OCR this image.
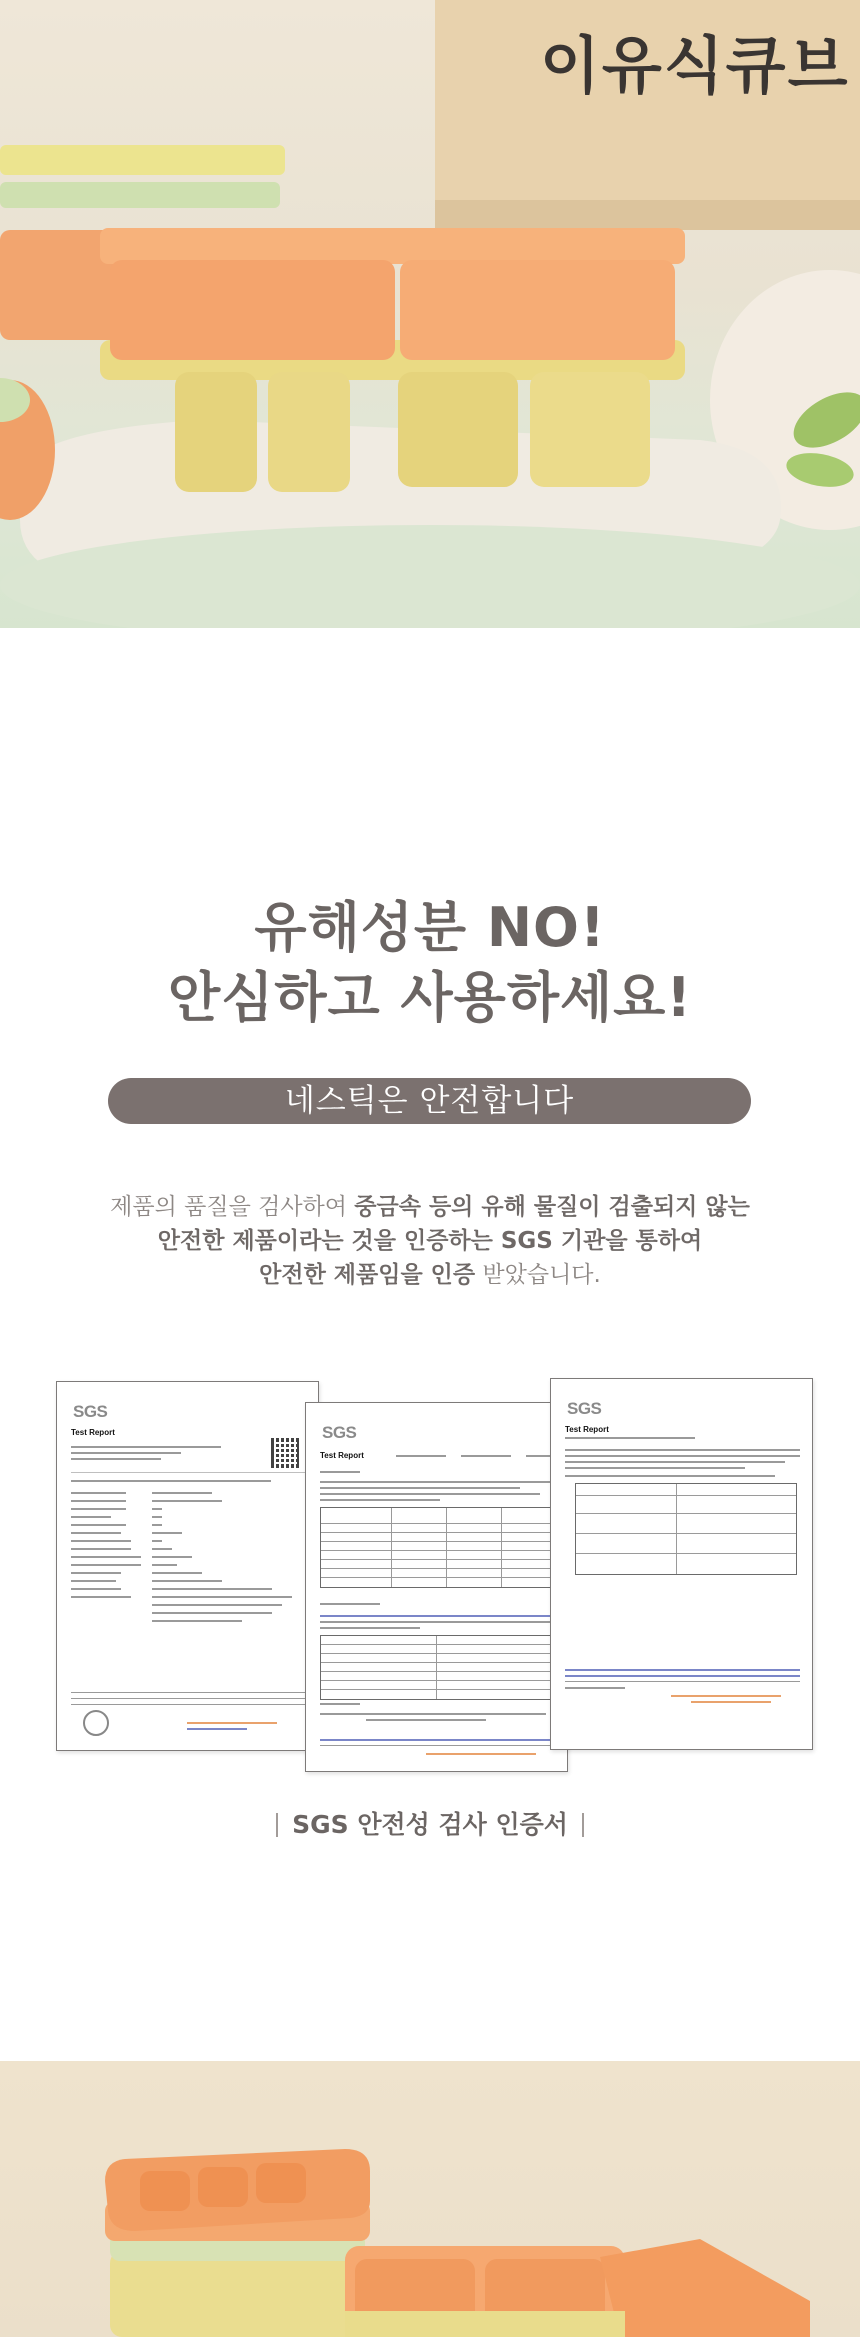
이유식큐브
유해성분 NO!
안심하고 사용하세요!
네스틱은 안전합니다
제품의 품질을 검사하여 중금속 등의 유해 물질이 검출되지 않는
안전한 제품이라는 것을 인증하는 SGS 기관을 통하여
안전한 제품임을 인증 받았습니다.
SGS
Test Report	SGS
Test Report
SGS
Test Report
SGS 안전성 검사 인증서
